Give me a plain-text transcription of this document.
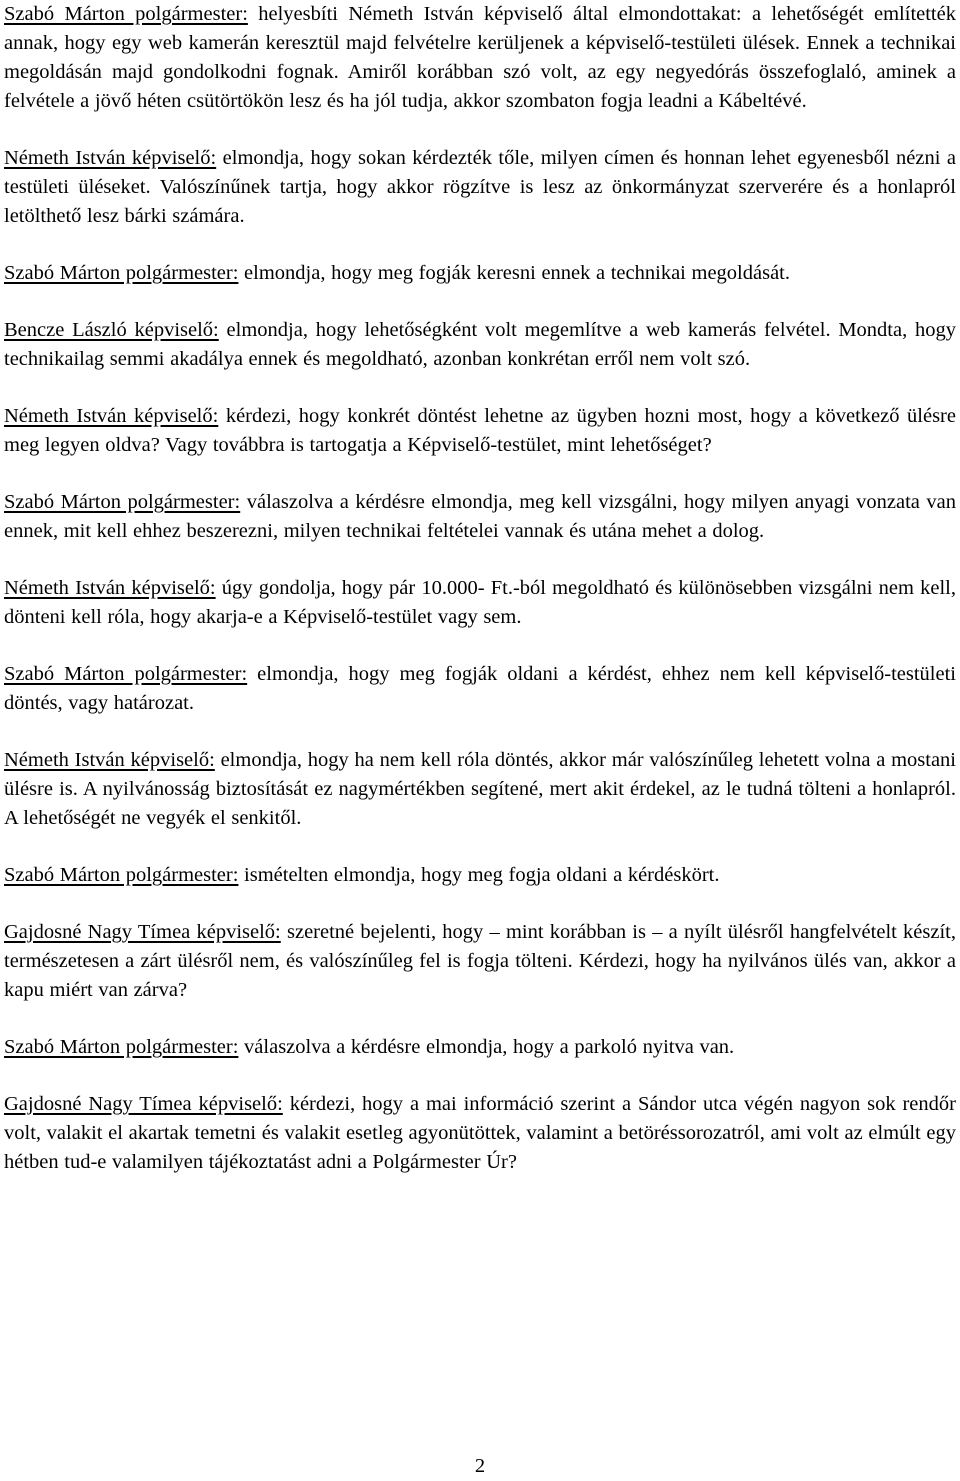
Szabó Márton polgármester: helyesbíti Németh István képviselő által elmondottakat: a lehetőségét említették annak, hogy egy web kamerán keresztül majd felvételre kerüljenek a képviselő-testületi ülések. Ennek a technikai megoldásán majd gondolkodni fognak. Amiről korábban szó volt, az egy negyedórás összefoglaló, aminek a felvétele a jövő héten csütörtökön lesz és ha jól tudja, akkor szombaton fogja leadni a Kábeltévé.

Németh István képviselő: elmondja, hogy sokan kérdezték tőle, milyen címen és honnan lehet egyenesből nézni a testületi üléseket. Valószínűnek tartja, hogy akkor rögzítve is lesz az önkormányzat szerverére és a honlapról letölthető lesz bárki számára.

Szabó Márton polgármester: elmondja, hogy meg fogják keresni ennek a technikai megoldását.

Bencze László képviselő: elmondja, hogy lehetőségként volt megemlítve a web kamerás felvétel. Mondta, hogy technikailag semmi akadálya ennek és megoldható, azonban konkrétan erről nem volt szó.

Németh István képviselő: kérdezi, hogy konkrét döntést lehetne az ügyben hozni most, hogy a következő ülésre meg legyen oldva? Vagy továbbra is tartogatja a Képviselő-testület, mint lehetőséget?

Szabó Márton polgármester: válaszolva a kérdésre elmondja, meg kell vizsgálni, hogy milyen anyagi vonzata van ennek, mit kell ehhez beszerezni, milyen technikai feltételei vannak és utána mehet a dolog.

Németh István képviselő: úgy gondolja, hogy pár 10.000- Ft.-ból megoldható és különösebben vizsgálni nem kell, dönteni kell róla, hogy akarja-e a Képviselő-testület vagy sem.

Szabó Márton polgármester: elmondja, hogy meg fogják oldani a kérdést, ehhez nem kell képviselő-testületi döntés, vagy határozat.

Németh István képviselő: elmondja, hogy ha nem kell róla döntés, akkor már valószínűleg lehetett volna a mostani ülésre is. A nyilvánosság biztosítását ez nagymértékben segítené, mert akit érdekel, az le tudná tölteni a honlapról. A lehetőségét ne vegyék el senkitől.

Szabó Márton polgármester: ismételten elmondja, hogy meg fogja oldani a kérdéskört.

Gajdosné Nagy Tímea képviselő: szeretné bejelenti, hogy – mint korábban is – a nyílt ülésről hangfelvételt készít, természetesen a zárt ülésről nem, és valószínűleg fel is fogja tölteni. Kérdezi, hogy ha nyilvános ülés van, akkor a kapu miért van zárva?

Szabó Márton polgármester: válaszolva a kérdésre elmondja, hogy a parkoló nyitva van.

Gajdosné Nagy Tímea képviselő: kérdezi, hogy a mai információ szerint a Sándor utca végén nagyon sok rendőr volt, valakit el akartak temetni és valakit esetleg agyonütöttek, valamint a betöréssorozatról, ami volt az elmúlt egy hétben tud-e valamilyen tájékoztatást adni a Polgármester Úr?

2
